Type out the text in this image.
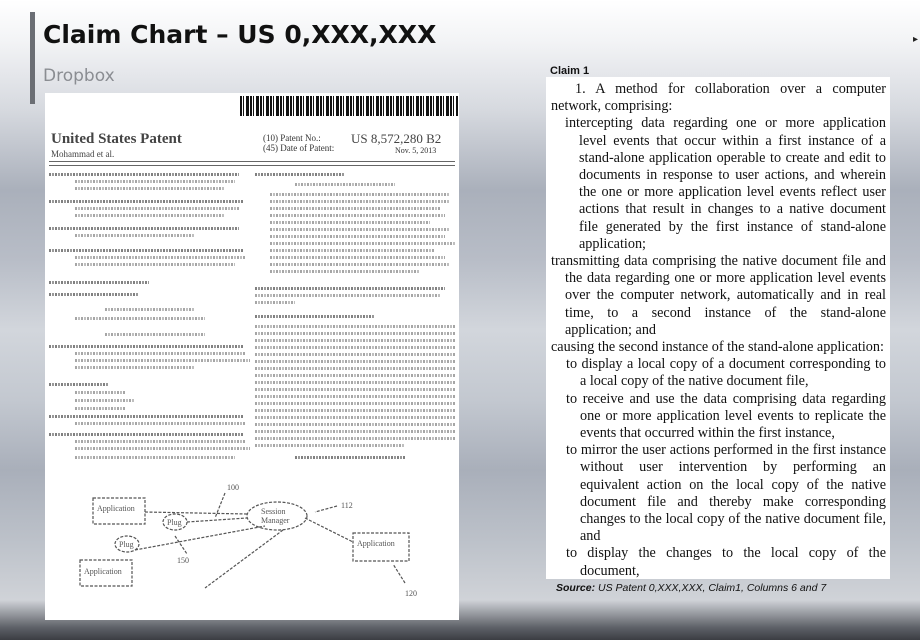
Claim Chart – US 0,XXX,XXX
Dropbox
▸
United States Patent
Mohammad et al.
(10) Patent No.:
(45) Date of Patent:
US 8,572,280 B2
Nov. 5, 2013
Application
Application
Application
Session
Manager
Plug
Plug
100
112
150
120
Claim 1

1. A method for collaboration over a computer network, comprising:

intercepting data regarding one or more application level events that occur within a first instance of a stand-alone application operable to create and edit to documents in response to user actions, and wherein the one or more application level events reflect user actions that result in changes to a native document file generated by the first instance of stand-alone application;

transmitting data comprising the native document file and the data regarding one or more application level events over the computer network, automatically and in real time, to a second instance of the stand-alone application; and

causing the second instance of the stand-alone application:

to display a local copy of a document corresponding to a local copy of the native document file,

to receive and use the data comprising data regarding one or more application level events to replicate the events that occurred within the first instance,

to mirror the user actions performed in the first instance without user intervention by performing an equivalent action on the local copy of the native document file and thereby make corresponding changes to the local copy of the native document file, and

to display the changes to the local copy of the document,

Source: US Patent 0,XXX,XXX, Claim1, Columns 6 and 7
